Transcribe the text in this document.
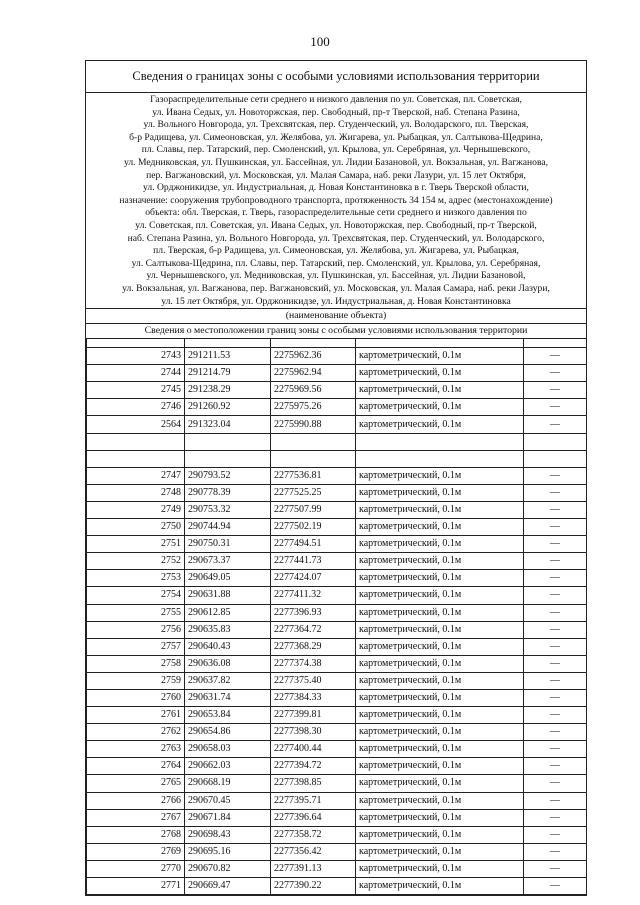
100
Сведения о границах зоны с особыми условиями использования территории
Газораспределительные сети среднего и низкого давления по ул. Советская, пл. Советская,
ул. Ивана Седых, ул. Новоторжская, пер. Свободный, пр-т Тверской, наб. Степана Разина,
ул. Вольного Новгорода, ул. Трехсвятская, пер. Студенческий, ул. Володарского, пл. Тверская,
б-р Радищева, ул. Симеоновская, ул. Желябова, ул. Жигарева, ул. Рыбацкая, ул. Салтыкова-Щедрина,
пл. Славы, пер. Татарский, пер. Смоленский, ул. Крылова, ул. Серебряная, ул. Чернышевского,
ул. Медниковская, ул. Пушкинская, ул. Бассейная, ул. Лидии Базановой, ул. Вокзальная, ул. Вагжанова,
пер. Вагжановский, ул. Московская, ул. Малая Самара, наб. реки Лазури, ул. 15 лет Октября,
ул. Орджоникидзе, ул. Индустриальная, д. Новая Константиновка в г. Тверь Тверской области,
назначение: сооружения трубопроводного транспорта, протяженность 34 154 м, адрес (местонахождение)
объекта: обл. Тверская, г. Тверь, газораспределительные сети среднего и низкого давления по
ул. Советская, пл. Советская, ул. Ивана Седых, ул. Новоторжская, пер. Свободный, пр-т Тверской,
наб. Степана Разина, ул. Вольного Новгорода, ул. Трехсвятская, пер. Студенческий, ул. Володарского,
пл. Тверская, б-р Радищева, ул. Симеоновская, ул. Желябова, ул. Жигарева, ул. Рыбацкая,
ул. Салтыкова-Щедрина, пл. Славы, пер. Татарский, пер. Смоленский, ул. Крылова, ул. Серебряная,
ул. Чернышевского, ул. Медниковская, ул. Пушкинская, ул. Бассейная, ул. Лидии Базановой,
ул. Вокзальная, ул. Вагжанова, пер. Вагжановский, ул. Московская, ул. Малая Самара, наб. реки Лазури,
ул. 15 лет Октября, ул. Орджоникидзе, ул. Индустриальная, д. Новая Константиновка
(наименование объекта)
Сведения о местоположении границ зоны с особыми условиями использования территории

2743	291211.53	2275962.36	картометрический, 0.1м	—
2744	291214.79	2275962.94	картометрический, 0.1м	—
2745	291238.29	2275969.56	картометрический, 0.1м	—
2746	291260.92	2275975.26	картометрический, 0.1м	—
2564	291323.04	2275990.88	картометрический, 0.1м	—

2747	290793.52	2277536.81	картометрический, 0.1м	—
2748	290778.39	2277525.25	картометрический, 0.1м	—
2749	290753.32	2277507.99	картометрический, 0.1м	—
2750	290744.94	2277502.19	картометрический, 0.1м	—
2751	290750.31	2277494.51	картометрический, 0.1м	—
2752	290673.37	2277441.73	картометрический, 0.1м	—
2753	290649.05	2277424.07	картометрический, 0.1м	—
2754	290631.88	2277411.32	картометрический, 0.1м	—
2755	290612.85	2277396.93	картометрический, 0.1м	—
2756	290635.83	2277364.72	картометрический, 0.1м	—
2757	290640.43	2277368.29	картометрический, 0.1м	—
2758	290636.08	2277374.38	картометрический, 0.1м	—
2759	290637.82	2277375.40	картометрический, 0.1м	—
2760	290631.74	2277384.33	картометрический, 0.1м	—
2761	290653.84	2277399.81	картометрический, 0.1м	—
2762	290654.86	2277398.30	картометрический, 0.1м	—
2763	290658.03	2277400.44	картометрический, 0.1м	—
2764	290662.03	2277394.72	картометрический, 0.1м	—
2765	290668.19	2277398.85	картометрический, 0.1м	—
2766	290670.45	2277395.71	картометрический, 0.1м	—
2767	290671.84	2277396.64	картометрический, 0.1м	—
2768	290698.43	2277358.72	картометрический, 0.1м	—
2769	290695.16	2277356.42	картометрический, 0.1м	—
2770	290670.82	2277391.13	картометрический, 0.1м	—
2771	290669.47	2277390.22	картометрический, 0.1м	—
